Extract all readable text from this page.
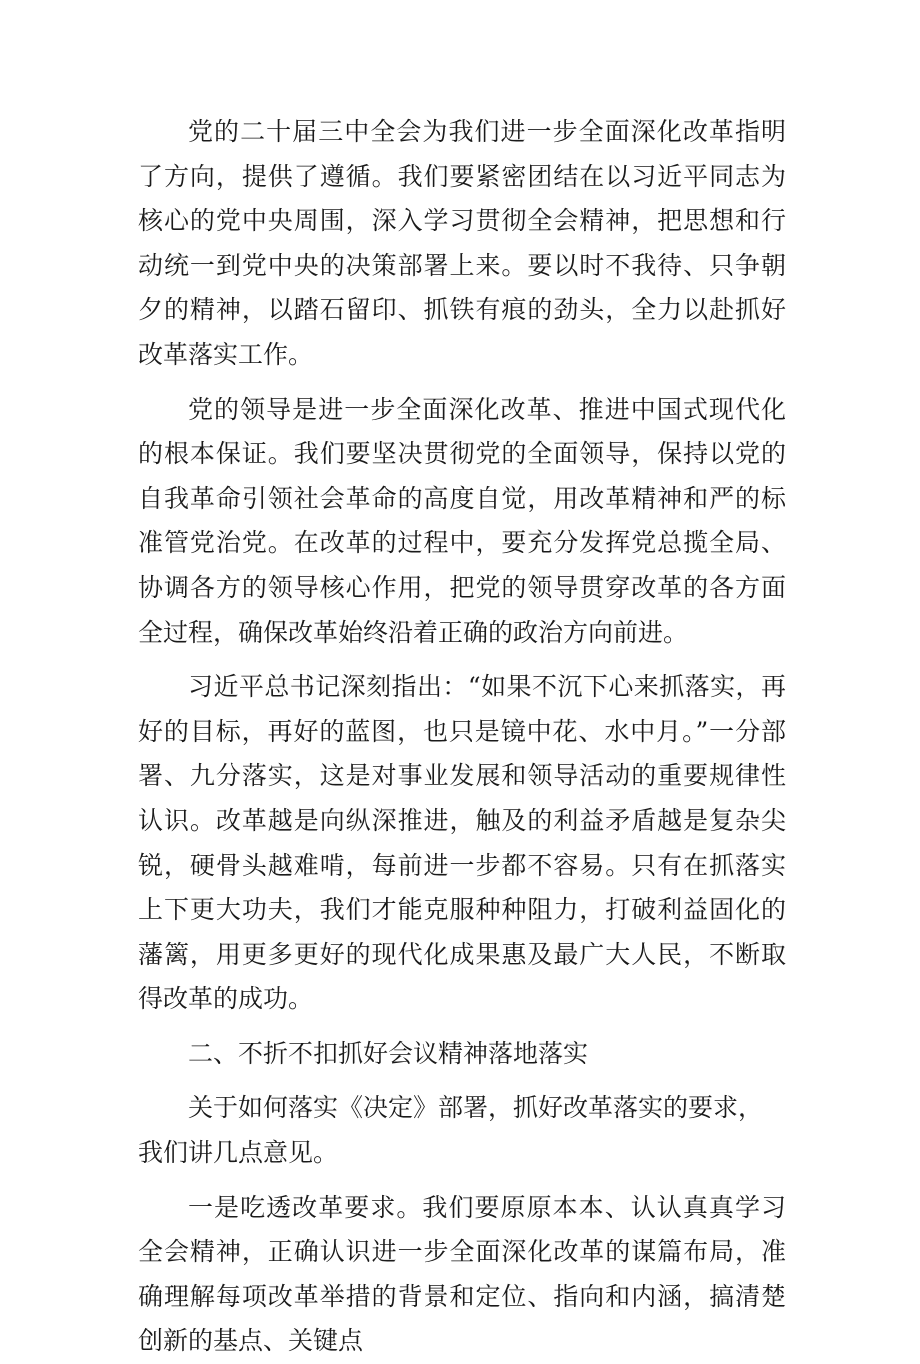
党的二十届三中全会为我们进一步全面深化改革指明了方向，提供了遵循。我们要紧密团结在以习近平同志为核心的党中央周围，深入学习贯彻全会精神，把思想和行动统一到党中央的决策部署上来。要以时不我待、只争朝夕的精神，以踏石留印、抓铁有痕的劲头，全力以赴抓好改革落实工作。

党的领导是进一步全面深化改革、推进中国式现代化的根本保证。我们要坚决贯彻党的全面领导，保持以党的自我革命引领社会革命的高度自觉，用改革精神和严的标准管党治党。在改革的过程中，要充分发挥党总揽全局、协调各方的领导核心作用，把党的领导贯穿改革的各方面全过程，确保改革始终沿着正确的政治方向前进。

习近平总书记深刻指出：“如果不沉下心来抓落实，再好的目标，再好的蓝图，也只是镜中花、水中月。”一分部署、九分落实，这是对事业发展和领导活动的重要规律性认识。改革越是向纵深推进，触及的利益矛盾越是复杂尖锐，硬骨头越难啃，每前进一步都不容易。只有在抓落实上下更大功夫，我们才能克服种种阻力，打破利益固化的藩篱，用更多更好的现代化成果惠及最广大人民，不断取得改革的成功。

二、不折不扣抓好会议精神落地落实

关于如何落实《决定》部署，抓好改革落实的要求，
我们讲几点意见。

一是吃透改革要求。我们要原原本本、认认真真学习全会精神，正确认识进一步全面深化改革的谋篇布局，准确理解每项改革举措的背景和定位、指向和内涵，搞清楚创新的基点、关键点
